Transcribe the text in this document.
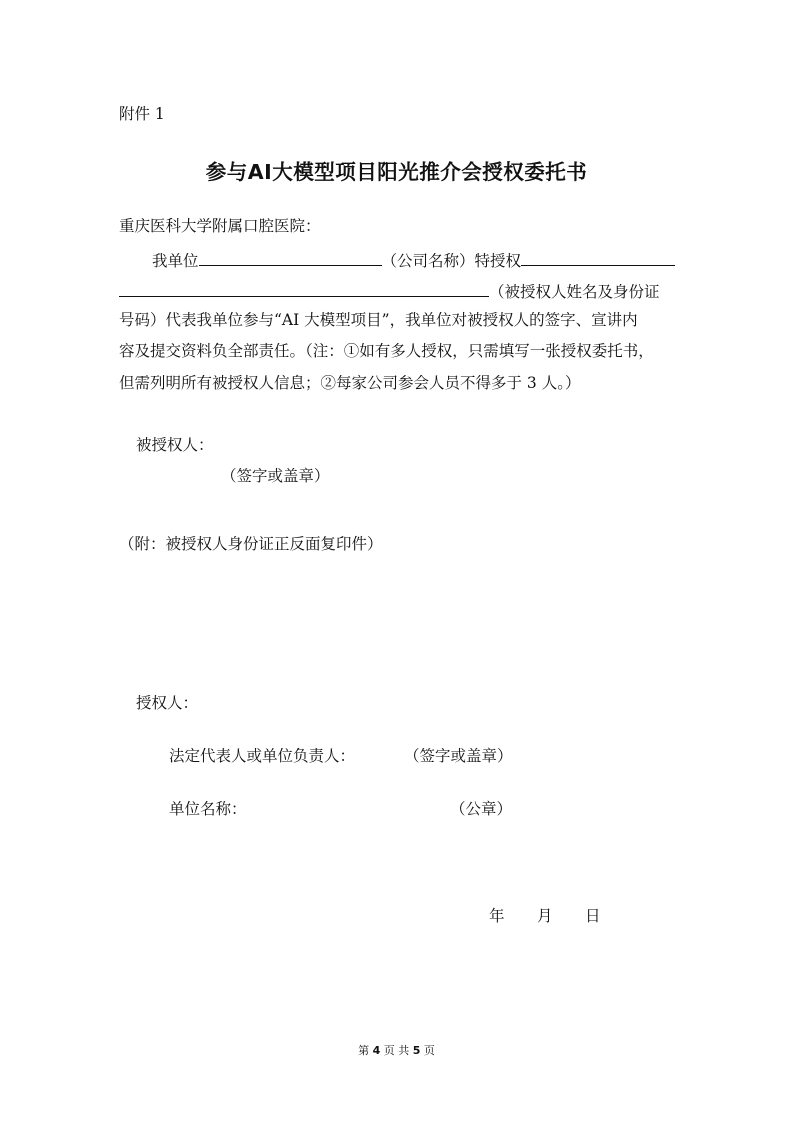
附件 1
参与AI大模型项目阳光推介会授权委托书
重庆医科大学附属口腔医院：
我单位	（公司名称）特授权
（被授权人姓名及身份证
号码）代表我单位参与“AI 大模型项目”，我单位对被授权人的签字、宣讲内
容及提交资料负全部责任。（注：①如有多人授权，只需填写一张授权委托书，
但需列明所有被授权人信息；②每家公司参会人员不得多于 3 人。）
被授权人：
（签字或盖章）
（附：被授权人身份证正反面复印件）
授权人：
法定代表人或单位负责人：	（签字或盖章）
单位名称：	（公章）
年 月 日
第 4 页 共 5 页
